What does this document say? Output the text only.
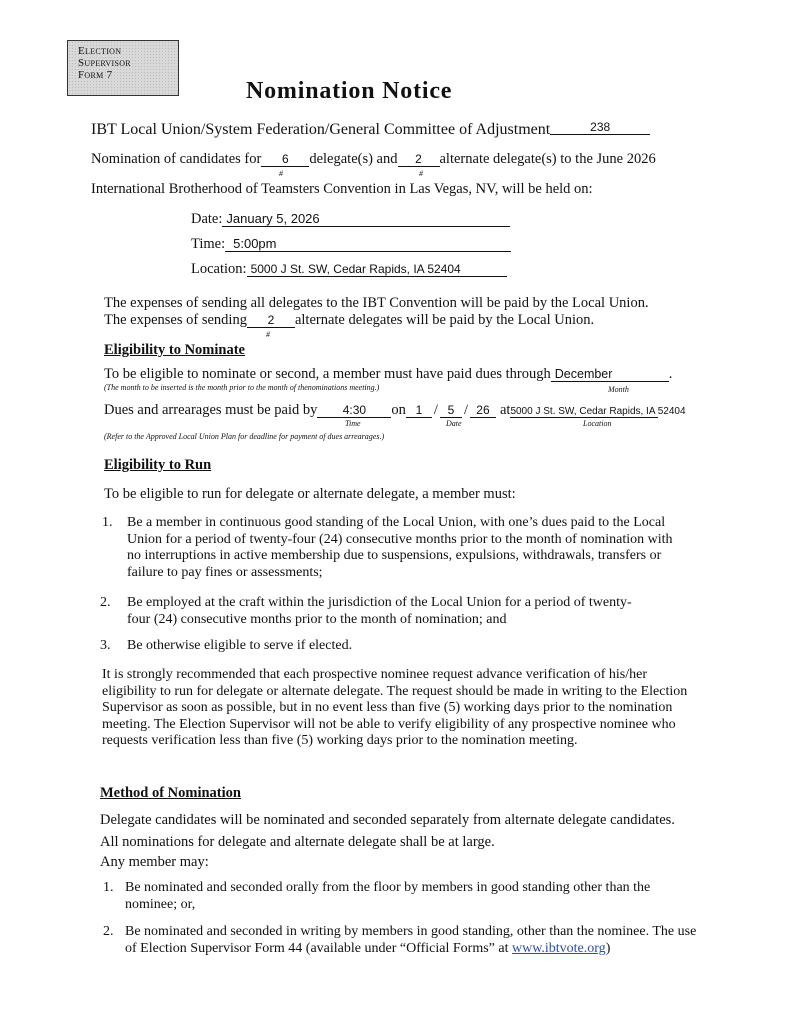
Election
Supervisor
Form 7
Nomination Notice
IBT Local Union/System Federation/General Committee of Adjustment	238
Nomination of candidates for 6 delegate(s) and 2 alternate delegate(s) to the June 2026
#	#
International Brotherhood of Teamsters Convention in Las Vegas, NV, will be held on:
Date: January 5, 2026
Time: 5:00pm
Location: 5000 J St. SW, Cedar Rapids, IA 52404
The expenses of sending all delegates to the IBT Convention will be paid by the Local Union.
The expenses of sending 2 alternate delegates will be paid by the Local Union.
#
Eligibility to Nominate
To be eligible to nominate or second, a member must have paid dues through December	.
(The month to be inserted is the month prior to the month of thenominations meeting.)	Month
Dues and arrearages must be paid by 4:30 on 1 / 5 / 26 at5000 J St. SW, Cedar Rapids, IA 52404
Time	Date	Location
(Refer to the Approved Local Union Plan for deadline for payment of dues arrearages.)
Eligibility to Run
To be eligible to run for delegate or alternate delegate, a member must:
1. Be a member in continuous good standing of the Local Union, with one’s dues paid to the Local Union for a period of twenty-four (24) consecutive months prior to the month of nomination with no interruptions in active membership due to suspensions, expulsions, withdrawals, transfers or failure to pay fines or assessments;
2. Be employed at the craft within the jurisdiction of the Local Union for a period of twenty-four (24) consecutive months prior to the month of nomination; and
3. Be otherwise eligible to serve if elected.
It is strongly recommended that each prospective nominee request advance verification of his/her eligibility to run for delegate or alternate delegate. The request should be made in writing to the Election Supervisor as soon as possible, but in no event less than five (5) working days prior to the nomination meeting. The Election Supervisor will not be able to verify eligibility of any prospective nominee who requests verification less than five (5) working days prior to the nomination meeting.
Method of Nomination
Delegate candidates will be nominated and seconded separately from alternate delegate candidates.
All nominations for delegate and alternate delegate shall be at large.
Any member may:
1. Be nominated and seconded orally from the floor by members in good standing other than the nominee; or,
2. Be nominated and seconded in writing by members in good standing, other than the nominee. The use of Election Supervisor Form 44 (available under “Official Forms” at www.ibtvote.org)
